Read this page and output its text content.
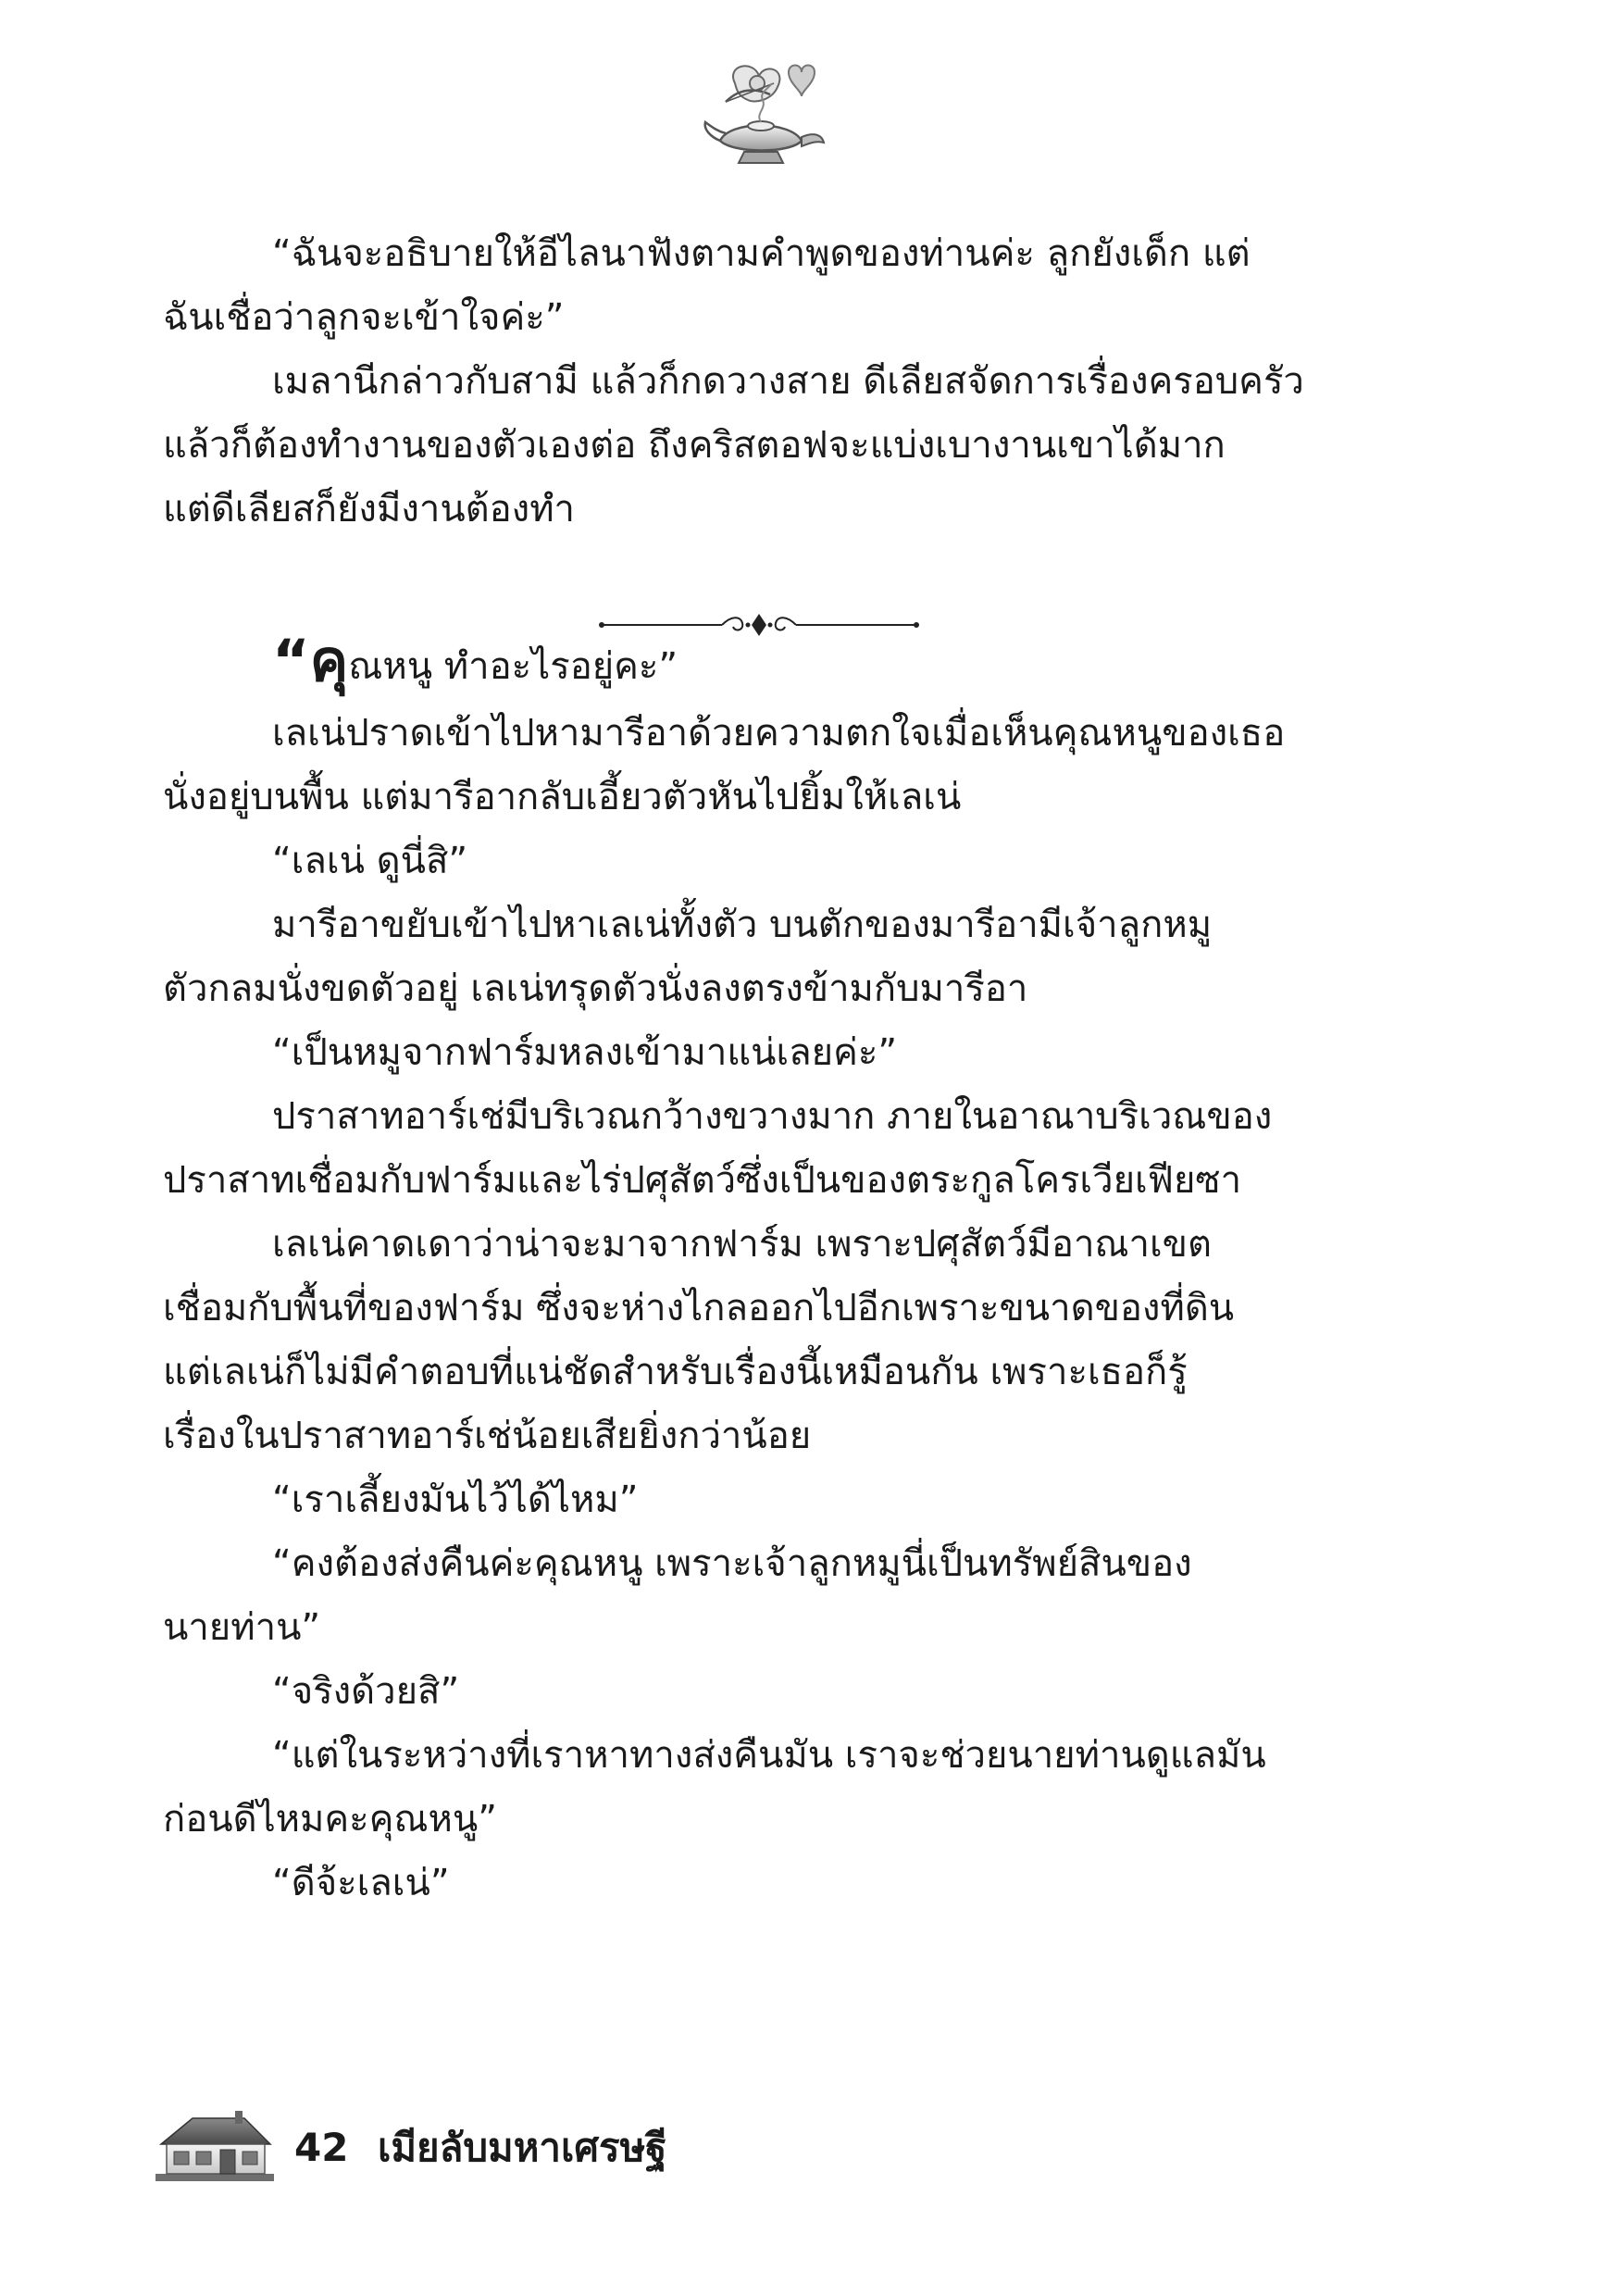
“ฉันจะอธิบายให้อีไลนาฟังตามคำพูดของท่านค่ะ ลูกยังเด็ก แต่
ฉันเชื่อว่าลูกจะเข้าใจค่ะ”
เมลานีกล่าวกับสามี แล้วก็กดวางสาย ดีเลียสจัดการเรื่องครอบครัว
แล้วก็ต้องทำงานของตัวเองต่อ ถึงคริสตอฟจะแบ่งเบางานเขาได้มาก
แต่ดีเลียสก็ยังมีงานต้องทำ
“คุณหนู ทำอะไรอยู่คะ”
เลเน่ปราดเข้าไปหามารีอาด้วยความตกใจเมื่อเห็นคุณหนูของเธอ
นั่งอยู่บนพื้น แต่มารีอากลับเอี้ยวตัวหันไปยิ้มให้เลเน่
“เลเน่ ดูนี่สิ”
มารีอาขยับเข้าไปหาเลเน่ทั้งตัว บนตักของมารีอามีเจ้าลูกหมู
ตัวกลมนั่งขดตัวอยู่ เลเน่ทรุดตัวนั่งลงตรงข้ามกับมารีอา
“เป็นหมูจากฟาร์มหลงเข้ามาแน่เลยค่ะ”
ปราสาทอาร์เช่มีบริเวณกว้างขวางมาก ภายในอาณาบริเวณของ
ปราสาทเชื่อมกับฟาร์มและไร่ปศุสัตว์ซึ่งเป็นของตระกูลโครเวียเฟียซา
เลเน่คาดเดาว่าน่าจะมาจากฟาร์ม เพราะปศุสัตว์มีอาณาเขต
เชื่อมกับพื้นที่ของฟาร์ม ซึ่งจะห่างไกลออกไปอีกเพราะขนาดของที่ดิน
แต่เลเน่ก็ไม่มีคำตอบที่แน่ชัดสำหรับเรื่องนี้เหมือนกัน เพราะเธอก็รู้
เรื่องในปราสาทอาร์เช่น้อยเสียยิ่งกว่าน้อย
“เราเลี้ยงมันไว้ได้ไหม”
“คงต้องส่งคืนค่ะคุณหนู เพราะเจ้าลูกหมูนี่เป็นทรัพย์สินของ
นายท่าน”
“จริงด้วยสิ”
“แต่ในระหว่างที่เราหาทางส่งคืนมัน เราจะช่วยนายท่านดูแลมัน
ก่อนดีไหมคะคุณหนู”
“ดีจ้ะเลเน่”
42 เมียลับมหาเศรษฐี
